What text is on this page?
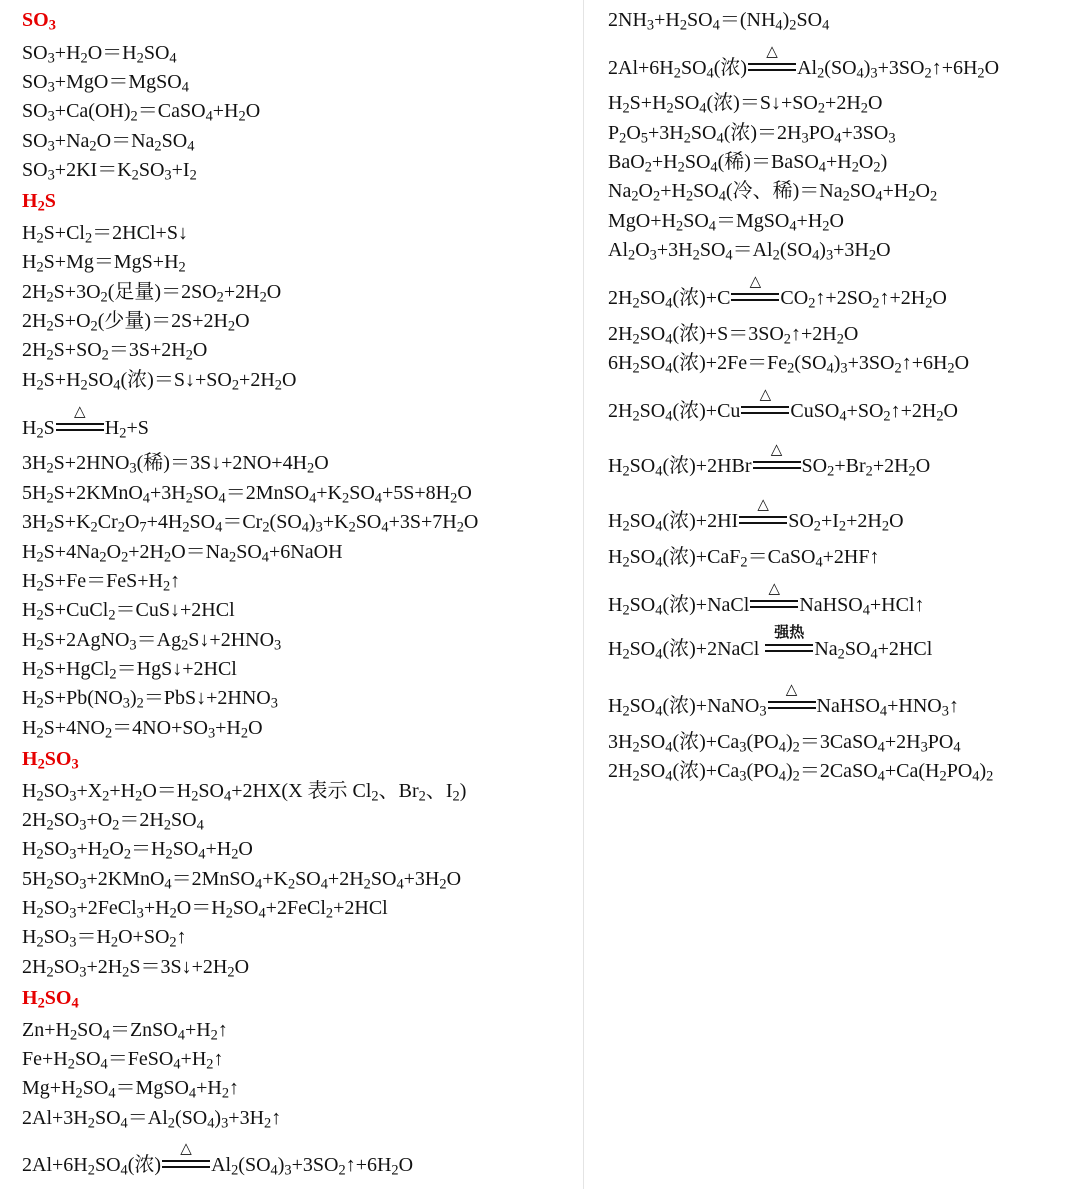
$SO_3$
$SO_3+H_2O=H_2SO_4$
$SO_3+MgO=MgSO_4$
$SO_3+Ca(OH)_2=CaSO_4+H_2O$
$SO_3+Na_2O=Na_2SO_4$
$SO_3+2KI=K_2SO_3+I_2$
$H_2S$
$H_2S+Cl_2=2HCl+S↓$
$H_2S+Mg=MgS+H_2$
$2H_2S+3O_2$(足量)$=2SO_2+2H_2O$
$2H_2S+O_2$(少量)$=2S+2H_2O$
$2H_2S+SO_2=3S+2H_2O$
$H_2S+H_2SO_4$(浓)$=S↓+SO_2+2H_2O$
$H_2S$
△
$H_2+S$
$3H_2S+2HNO_3$(稀)$=3S↓+2NO+4H_2O$
$5H_2S+2KMnO_4+3H_2SO_4=2MnSO_4+K_2SO_4+5S+8H_2O$
$3H_2S+K_2Cr_2O_7+4H_2SO_4=Cr_2(SO_4)_3+K_2SO_4+3S+7H_2O$
$H_2S+4Na_2O_2+2H_2O=Na_2SO_4+6NaOH$
$H_2S+Fe=FeS+H_2↑$
$H_2S+CuCl_2=CuS↓+2HCl$
$H_2S+2AgNO_3=Ag_2S↓+2HNO_3$
$H_2S+HgCl_2=HgS↓+2HCl$
$H_2S+Pb(NO_3)_2=PbS↓+2HNO_3$
$H_2S+4NO_2=4NO+SO_3+H_2O$
$H_2SO_3$
$H_2SO_3+X_2+H_2O=H_2SO_4+2HX(X$ 表示 $Cl_2$、$Br_2$、$I_2$)
$2H_2SO_3+O_2=2H_2SO_4$
$H_2SO_3+H_2O_2=H_2SO_4+H_2O$
$5H_2SO_3+2KMnO_4=2MnSO_4+K_2SO_4+2H_2SO_4+3H_2O$
$H_2SO_3+2FeCl_3+H_2O=H_2SO_4+2FeCl_2+2HCl$
$H_2SO_3=H_2O+SO_2↑$
$2H_2SO_3+2H_2S=3S↓+2H_2O$
$H_2SO_4$
$Zn+H_2SO_4=ZnSO_4+H_2↑$
$Fe+H_2SO_4=FeSO_4+H_2↑$
$Mg+H_2SO_4=MgSO_4+H_2↑$
$2Al+3H_2SO_4=Al_2(SO_4)_3+3H_2↑$
$2Al+6H_2SO_4$(浓)
△
$Al_2(SO_4)_3+3SO_2↑+6H_2O$
$2NH_3+H_2SO_4=(NH_4)_2SO_4$
$2Al+6H_2SO_4$(浓)
△
$Al_2(SO_4)_3+3SO_2↑+6H_2O$
$H_2S+H_2SO_4$(浓)$=S↓+SO_2+2H_2O$
$P_2O_5+3H_2SO_4$(浓)$=2H_3PO_4+3SO_3$
$BaO_2+H_2SO_4$(稀)$=BaSO_4+H_2O_2$)
$Na_2O_2+H_2SO_4$(冷、稀)$=Na_2SO_4+H_2O_2$
$MgO+H_2SO_4=MgSO_4+H_2O$
$Al_2O_3+3H_2SO_4=Al_2(SO_4)_3+3H_2O$
$2H_2SO_4$(浓)+C
△
$CO_2↑+2SO_2↑+2H_2O$
$2H_2SO_4$(浓)$+S=3SO_2↑+2H_2O$
$6H_2SO_4$(浓)$+2Fe=Fe_2(SO_4)_3+3SO_2↑+6H_2O$
$2H_2SO_4$(浓)+Cu
△
$CuSO_4+SO_2↑+2H_2O$
$H_2SO_4$(浓)+2HBr
△
$SO_2+Br_2+2H_2O$
$H_2SO_4$(浓)+2HI
△
$SO_2+I_2+2H_2O$
$H_2SO_4$(浓)+CaF$_2$＝CaSO$_4$+2HF↑
$H_2SO_4$(浓)+NaCl
△
NaHSO$_4$+HCl↑
$H_2SO_4$(浓)+2NaCl
强热
$Na_2SO_4+2HCl$
$H_2SO_4$(浓)+NaNO$_3$
△
$NaHSO_4+HNO_3↑$
$3H_2SO_4$(浓)$+Ca_3(PO_4)_2=3CaSO_4+2H_3PO_4$
$2H_2SO_4$(浓)$+Ca_3(PO_4)_2=2CaSO_4+Ca(H_2PO_4)_2$
